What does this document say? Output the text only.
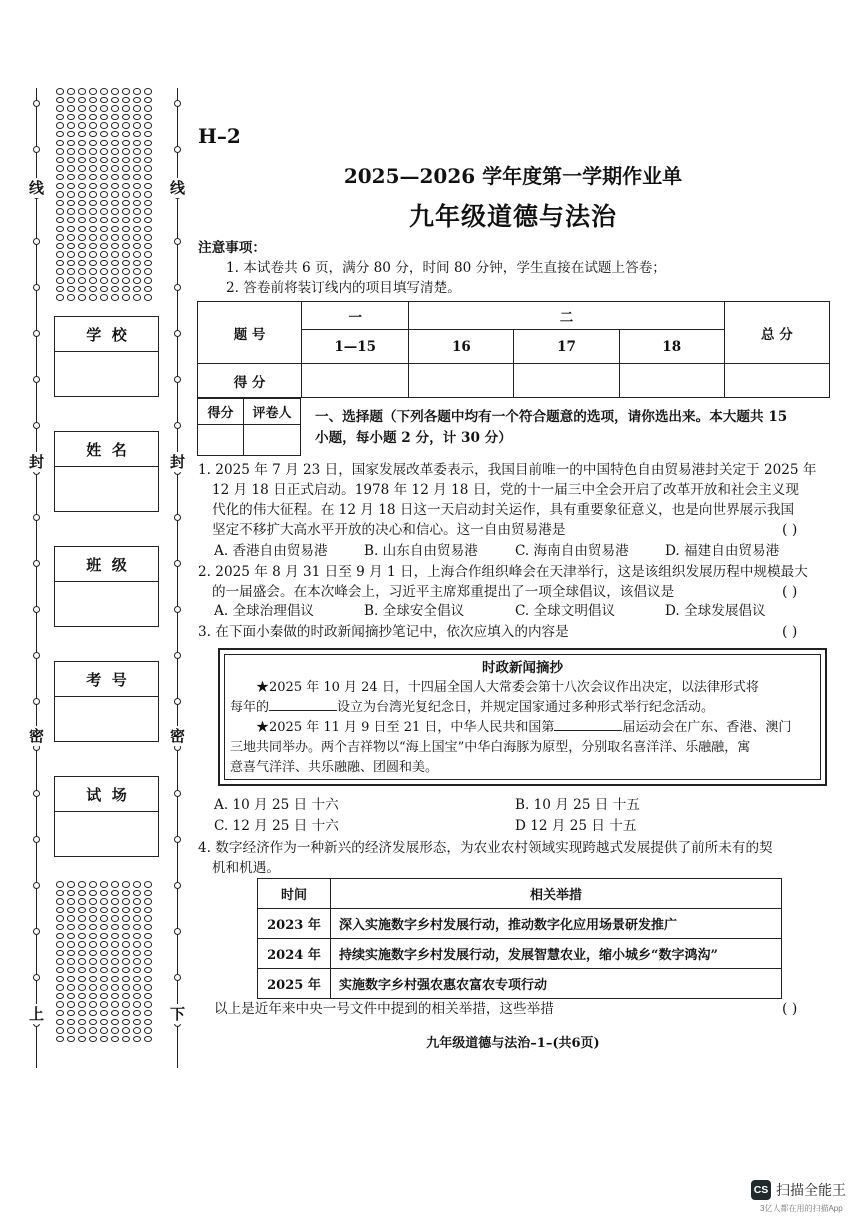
线
封
密
上
线
封
密
下
学  校
姓  名
班  级
考  号
试  场
H–2
2025—2026 学年度第一学期作业单
九年级道德与法治
注意事项：
1. 本试卷共 6 页，满分 80 分，时间 80 分钟，学生直接在试题上答卷；
2. 答卷前将装订线内的项目填写清楚。
题 号	一	二			总 分
	1—15	16	17	18	
得 分					
得分	评卷人
	一、选择题（下列各题中均有一个符合题意的选项，请你选出来。本大题共 15
小题，每小题 2 分，计 30 分）
1. 2025 年 7 月 23 日，国家发展改革委表示，我国目前唯一的中国特色自由贸易港封关定于 2025 年
12 月 18 日正式启动。1978 年 12 月 18 日，党的十一届三中全会开启了改革开放和社会主义现
代化的伟大征程。在 12 月 18 日这一天启动封关运作，具有重要象征意义，也是向世界展示我国
坚定不移扩大高水平开放的决心和信心。这一自由贸易港是	( )
A. 香港自由贸易港	B. 山东自由贸易港	C. 海南自由贸易港	D. 福建自由贸易港
2. 2025 年 8 月 31 日至 9 月 1 日，上海合作组织峰会在天津举行，这是该组织发展历程中规模最大
的一届盛会。在本次峰会上，习近平主席郑重提出了一项全球倡议，该倡议是	( )
A. 全球治理倡议	B. 全球安全倡议	C. 全球文明倡议	D. 全球发展倡议
3. 在下面小秦做的时政新闻摘抄笔记中，依次应填入的内容是	( )
时政新闻摘抄
★2025 年 10 月 24 日，十四届全国人大常委会第十八次会议作出决定，以法律形式将
每年的	设立为台湾光复纪念日，并规定国家通过多种形式举行纪念活动。
★2025 年 11 月 9 日至 21 日，中华人民共和国第	届运动会在广东、香港、澳门
三地共同举办。两个吉祥物以“海上国宝”中华白海豚为原型，分别取名喜洋洋、乐融融，寓
意喜气洋洋、共乐融融、团圆和美。
A. 10 月 25 日 十六	B. 10 月 25 日 十五
C. 12 月 25 日 十六	D 12 月 25 日 十五
4. 数字经济作为一种新兴的经济发展形态，为农业农村领域实现跨越式发展提供了前所未有的契
机和机遇。
时间	相关举措
2023 年	深入实施数字乡村发展行动，推动数字化应用场景研发推广
2024 年	持续实施数字乡村发展行动，发展智慧农业，缩小城乡“数字鸿沟”
2025 年	实施数字乡村强农惠农富农专项行动
以上是近年来中央一号文件中提到的相关举措，这些举措	( )
九年级道德与法治–1–(共6页)
CS 扫描全能王
3亿人都在用的扫描App
